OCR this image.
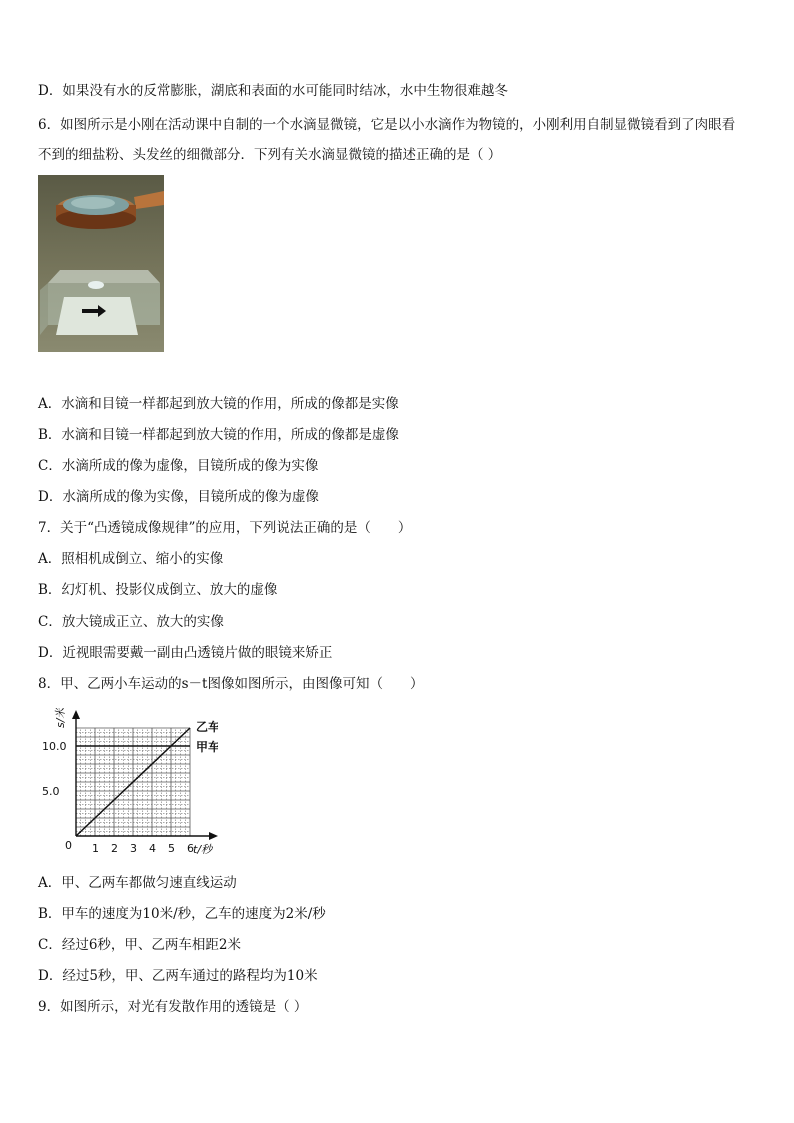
D．如果没有水的反常膨胀，湖底和表面的水可能同时结冰，水中生物很难越冬
6．如图所示是小刚在活动课中自制的一个水滴显微镜，它是以小水滴作为物镜的，小刚利用自制显微镜看到了肉眼看
不到的细盐粉、头发丝的细微部分．下列有关水滴显微镜的描述正确的是（ ）
A．水滴和目镜一样都起到放大镜的作用，所成的像都是实像
B．水滴和目镜一样都起到放大镜的作用，所成的像都是虚像
C．水滴所成的像为虚像，目镜所成的像为实像
D．水滴所成的像为实像，目镜所成的像为虚像
7．关于“凸透镜成像规律”的应用，下列说法正确的是（　　）
A．照相机成倒立、缩小的实像
B．幻灯机、投影仪成倒立、放大的虚像
C．放大镜成正立、放大的实像
D．近视眼需要戴一副由凸透镜片做的眼镜来矫正
8．甲、乙两小车运动的s－t图像如图所示，由图像可知（　　）
s/米
t/秒
0 1 2 3 4 5 6
5.0
10.0
乙车
甲车
A．甲、乙两车都做匀速直线运动
B．甲车的速度为10米/秒，乙车的速度为2米/秒
C．经过6秒，甲、乙两车相距2米
D．经过5秒，甲、乙两车通过的路程均为10米
9．如图所示，对光有发散作用的透镜是（ ）
